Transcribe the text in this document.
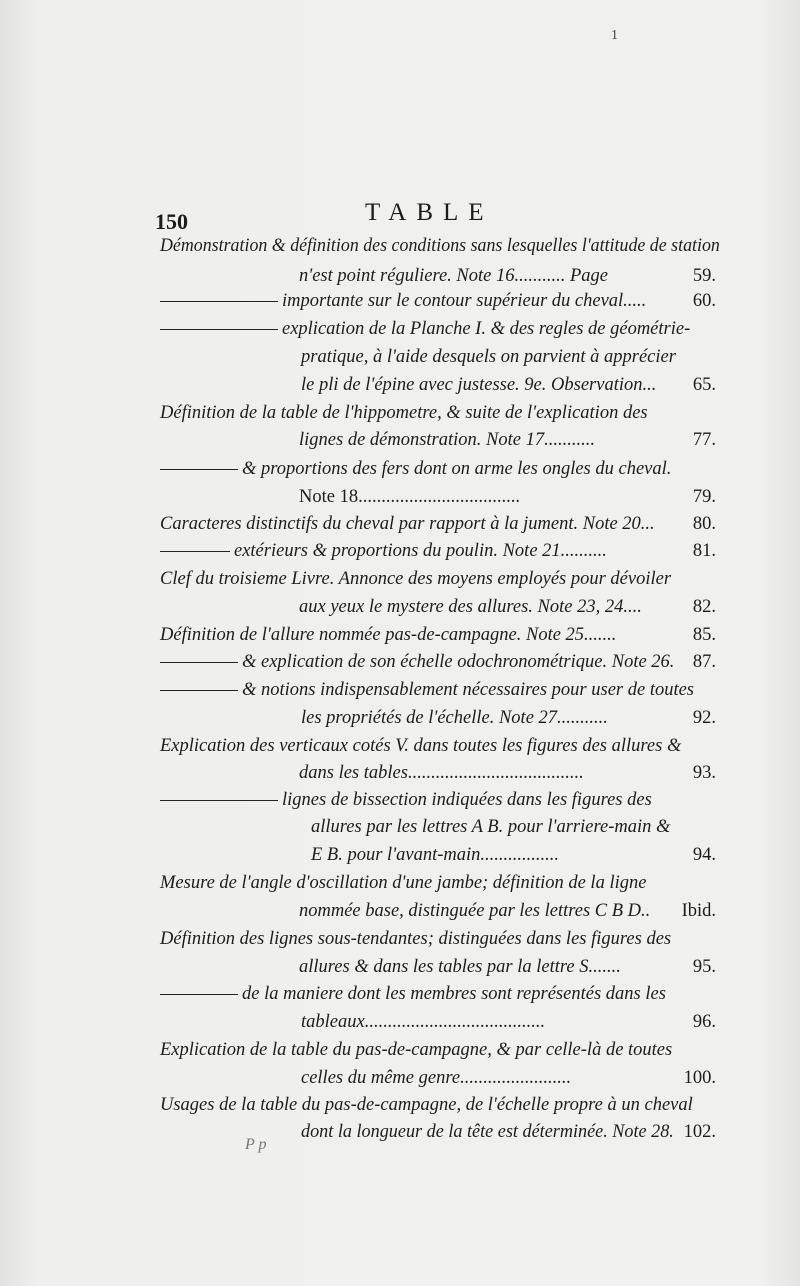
1
150	TABLE
Démonstration & définition des conditions sans lesquelles l'attitude de station
n'est point réguliere. Note 16........... Page	59.
importante sur le contour supérieur du cheval.....	60.
explication de la Planche I. & des regles de géométrie-
pratique, à l'aide desquels on parvient à apprécier
le pli de l'épine avec justesse. 9e. Observation... 65.
Définition de la table de l'hippometre, & suite de l'explication des
lignes de démonstration. Note 17...........	77.
& proportions des fers dont on arme les ongles du cheval.
Note 18...................................	79.
Caracteres distinctifs du cheval par rapport à la jument. Note 20... 80.
extérieurs & proportions du poulin. Note 21..........	81.
Clef du troisieme Livre. Annonce des moyens employés pour dévoiler
aux yeux le mystere des allures. Note 23, 24....	82.
Définition de l'allure nommée pas-de-campagne. Note 25.......	85.
& explication de son échelle odochronométrique. Note 26. 87.
& notions indispensablement nécessaires pour user de toutes
les propriétés de l'échelle. Note 27...........	92.
Explication des verticaux cotés V. dans toutes les figures des allures &
dans les tables......................................	93.
lignes de bissection indiquées dans les figures des
allures par les lettres A B. pour l'arriere-main &
E B. pour l'avant-main.................	94.
Mesure de l'angle d'oscillation d'une jambe; définition de la ligne
nommée base, distinguée par les lettres C B D.. Ibid.
Définition des lignes sous-tendantes; distinguées dans les figures des
allures & dans les tables par la lettre S.......	95.
de la maniere dont les membres sont représentés dans les
tableaux.......................................	96.
Explication de la table du pas-de-campagne, & par celle-là de toutes
celles du même genre........................	100.
Usages de la table du pas-de-campagne, de l'échelle propre à un cheval
dont la longueur de la tête est déterminée. Note 28. 102.
P p
